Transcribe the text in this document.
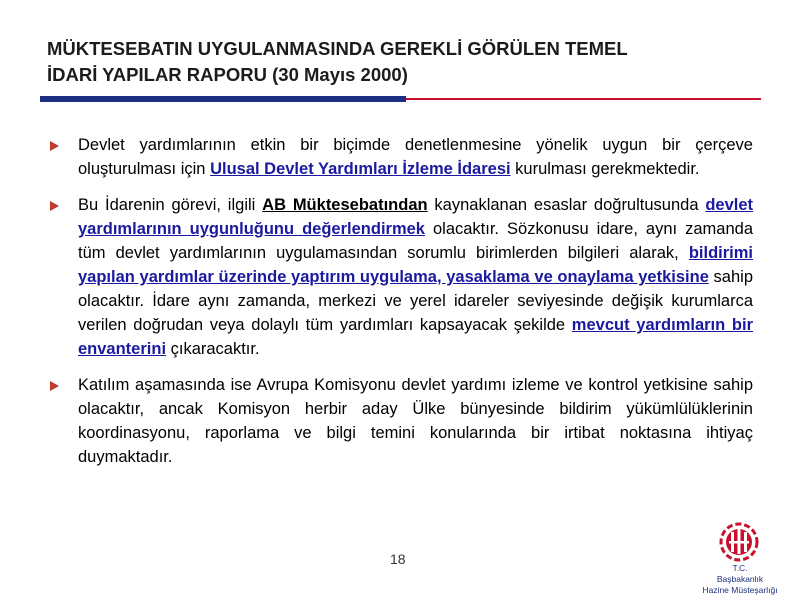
MÜKTESEBATIN UYGULANMASINDA GEREKLİ GÖRÜLEN TEMEL
İDARİ YAPILAR RAPORU (30 Mayıs 2000)
Devlet yardımlarının etkin bir biçimde denetlenmesine yönelik uygun bir çerçeve oluşturulması için Ulusal Devlet Yardımları İzleme İdaresi kurulması gerekmektedir.
Bu İdarenin görevi, ilgili AB Müktesebatından kaynaklanan esaslar doğrultusunda devlet yardımlarının uygunluğunu değerlendirmek olacaktır. Sözkonusu idare, aynı zamanda tüm devlet yardımlarının uygulamasından sorumlu birimlerden bilgileri alarak, bildirimi yapılan yardımlar üzerinde yaptırım uygulama, yasaklama ve onaylama yetkisine sahip olacaktır. İdare aynı zamanda, merkezi ve yerel idareler seviyesinde değişik kurumlarca verilen doğrudan veya dolaylı tüm yardımları kapsayacak şekilde mevcut yardımların bir envanterini çıkaracaktır.
Katılım aşamasında ise Avrupa Komisyonu devlet yardımı izleme ve kontrol yetkisine sahip olacaktır, ancak Komisyon herbir aday Ülke bünyesinde bildirim yükümlülüklerinin koordinasyonu, raporlama ve bilgi temini konularında bir irtibat noktasına ihtiyaç duymaktadır.
18
T.C.
Başbakanlık
Hazine Müsteşarlığı
